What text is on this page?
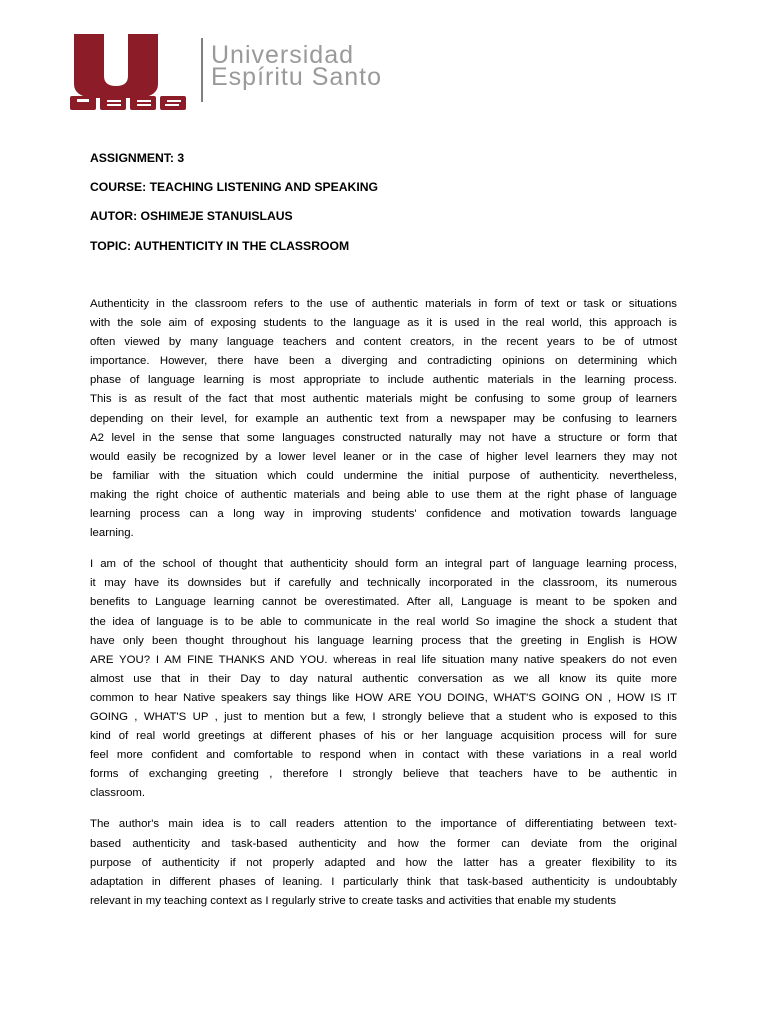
Universidad
Espíritu Santo
ASSIGNMENT: 3
COURSE: TEACHING LISTENING AND SPEAKING
AUTOR: OSHIMEJE STANUISLAUS
TOPIC: AUTHENTICITY IN THE CLASSROOM
Authenticity in the classroom refers to the use of authentic materials in form of text or task or situations
with the sole aim of exposing students to the language as it is used in the real world, this approach is
often viewed by many language teachers and content creators, in the recent years to be of utmost
importance. However, there have been a diverging and contradicting opinions on determining which
phase of language learning is most appropriate to include authentic materials in the learning process.
This is as result of the fact that most authentic materials might be confusing to some group of learners
depending on their level, for example an authentic text from a newspaper may be confusing to learners
A2 level in the sense that some languages constructed naturally may not have a structure or form that
would easily be recognized by a lower level leaner or in the case of higher level learners they may not
be familiar with the situation which could undermine the initial purpose of authenticity. nevertheless,
making the right choice of authentic materials and being able to use them at the right phase of language
learning process can a long way in improving students' confidence and motivation towards language
learning.
I am of the school of thought that authenticity should form an integral part of language learning process,
it may have its downsides but if carefully and technically incorporated in the classroom, its numerous
benefits to Language learning cannot be overestimated. After all, Language is meant to be spoken and
the idea of language is to be able to communicate in the real world So imagine the shock a student that
have only been thought throughout his language learning process that the greeting in English is HOW
ARE YOU? I AM FINE THANKS AND YOU. whereas in real life situation many native speakers do not even
almost use that in their Day to day natural authentic conversation as we all know its quite more
common to hear Native speakers say things like HOW ARE YOU DOING, WHAT'S GOING ON , HOW IS IT
GOING , WHAT'S UP , just to mention but a few, I strongly believe that a student who is exposed to this
kind of real world greetings at different phases of his or her language acquisition process will for sure
feel more confident and comfortable to respond when in contact with these variations in a real world
forms of exchanging greeting , therefore I strongly believe that teachers have to be authentic in
classroom.
The author's main idea is to call readers attention to the importance of differentiating between text-
based authenticity and task-based authenticity and how the former can deviate from the original
purpose of authenticity if not properly adapted and how the latter has a greater flexibility to its
adaptation in different phases of leaning. I particularly think that task-based authenticity is undoubtably
relevant in my teaching context as I regularly strive to create tasks and activities that enable my students
